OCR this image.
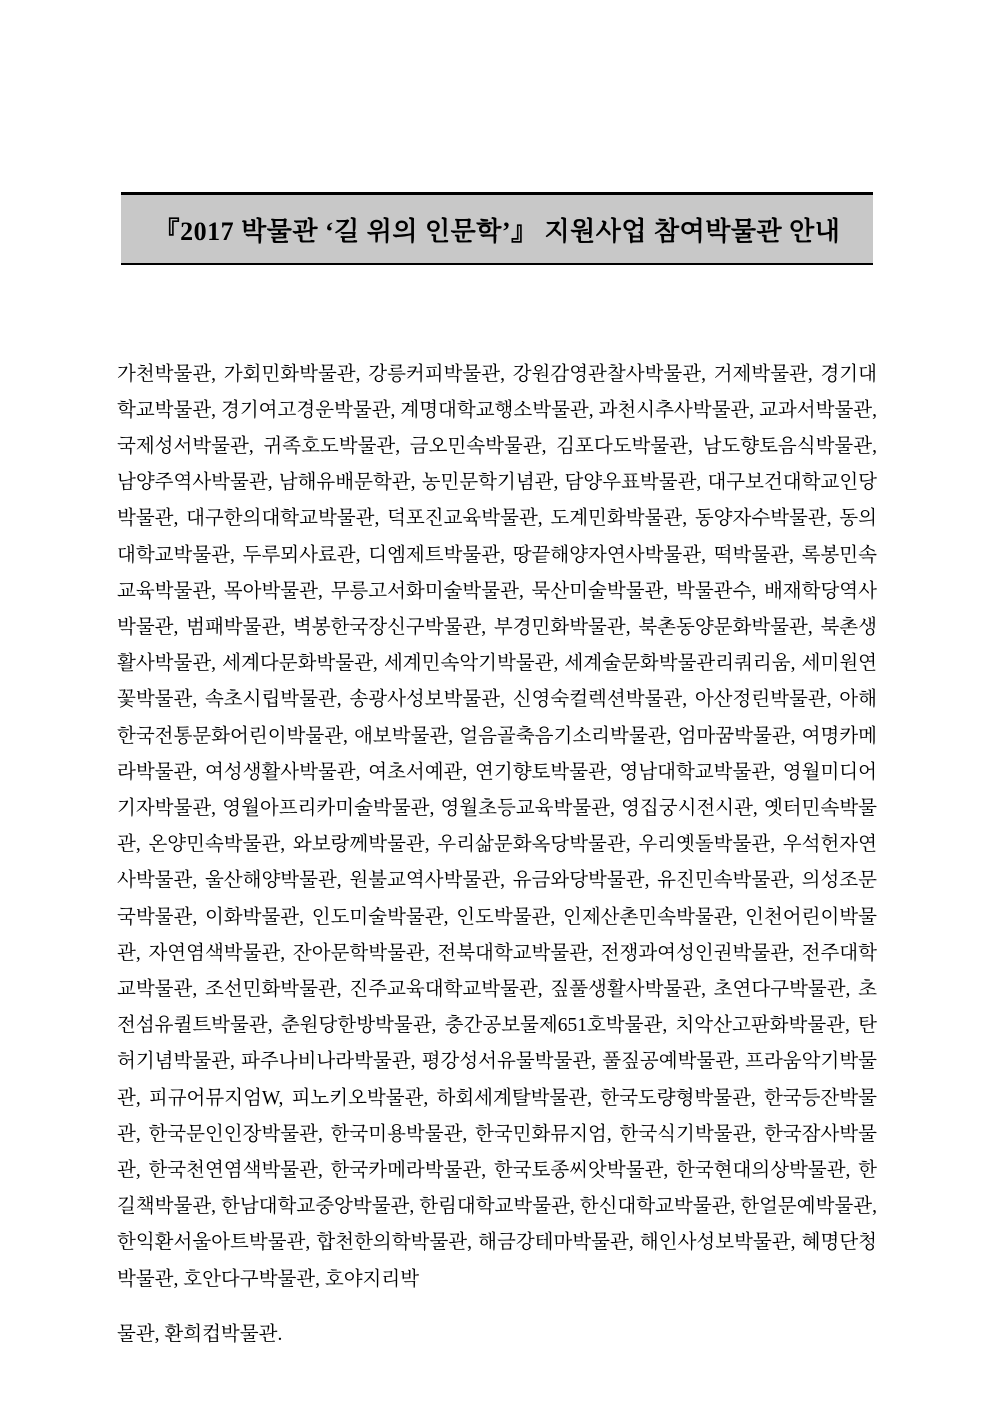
『2017 박물관 ‘길 위의 인문학’』 지원사업 참여박물관 안내

가천박물관, 가회민화박물관, 강릉커피박물관, 강원감영관찰사박물관, 거제박물관, 경기대학교박물관, 경기여고경운박물관, 계명대학교행소박물관, 과천시추사박물관, 교과서박물관, 국제성서박물관, 귀족호도박물관, 금오민속박물관, 김포다도박물관, 남도향토음식박물관, 남양주역사박물관, 남해유배문학관, 농민문학기념관, 담양우표박물관, 대구보건대학교인당박물관, 대구한의대학교박물관, 덕포진교육박물관, 도계민화박물관, 동양자수박물관, 동의대학교박물관, 두루뫼사료관, 디엠제트박물관, 땅끝해양자연사박물관, 떡박물관, 록봉민속교육박물관, 목아박물관, 무릉고서화미술박물관, 묵산미술박물관, 박물관수, 배재학당역사박물관, 범패박물관, 벽봉한국장신구박물관, 부경민화박물관, 북촌동양문화박물관, 북촌생활사박물관, 세계다문화박물관, 세계민속악기박물관, 세계술문화박물관리쿼리움, 세미원연꽃박물관, 속초시립박물관, 송광사성보박물관, 신영숙컬렉션박물관, 아산정린박물관, 아해한국전통문화어린이박물관, 애보박물관, 얼음골축음기소리박물관, 엄마꿈박물관, 여명카메라박물관, 여성생활사박물관, 여초서예관, 연기향토박물관, 영남대학교박물관, 영월미디어기자박물관, 영월아프리카미술박물관, 영월초등교육박물관, 영집궁시전시관, 옛터민속박물관, 온양민속박물관, 와보랑께박물관, 우리삶문화옥당박물관, 우리옛돌박물관, 우석헌자연사박물관, 울산해양박물관, 원불교역사박물관, 유금와당박물관, 유진민속박물관, 의성조문국박물관, 이화박물관, 인도미술박물관, 인도박물관, 인제산촌민속박물관, 인천어린이박물관, 자연염색박물관, 잔아문학박물관, 전북대학교박물관, 전쟁과여성인권박물관, 전주대학교박물관, 조선민화박물관, 진주교육대학교박물관, 짚풀생활사박물관, 초연다구박물관, 초전섬유퀼트박물관, 춘원당한방박물관, 충간공보물제651호박물관, 치악산고판화박물관, 탄허기념박물관, 파주나비나라박물관, 평강성서유물박물관, 풀짚공예박물관, 프라움악기박물관, 피규어뮤지엄W, 피노키오박물관, 하회세계탈박물관, 한국도량형박물관, 한국등잔박물관, 한국문인인장박물관, 한국미용박물관, 한국민화뮤지엄, 한국식기박물관, 한국잠사박물관, 한국천연염색박물관, 한국카메라박물관, 한국토종씨앗박물관, 한국현대의상박물관, 한길책박물관, 한남대학교중앙박물관, 한림대학교박물관, 한신대학교박물관, 한얼문예박물관, 한익환서울아트박물관, 합천한의학박물관, 해금강테마박물관, 해인사성보박물관, 혜명단청박물관, 호안다구박물관, 호야지리박

물관, 환희컵박물관.
